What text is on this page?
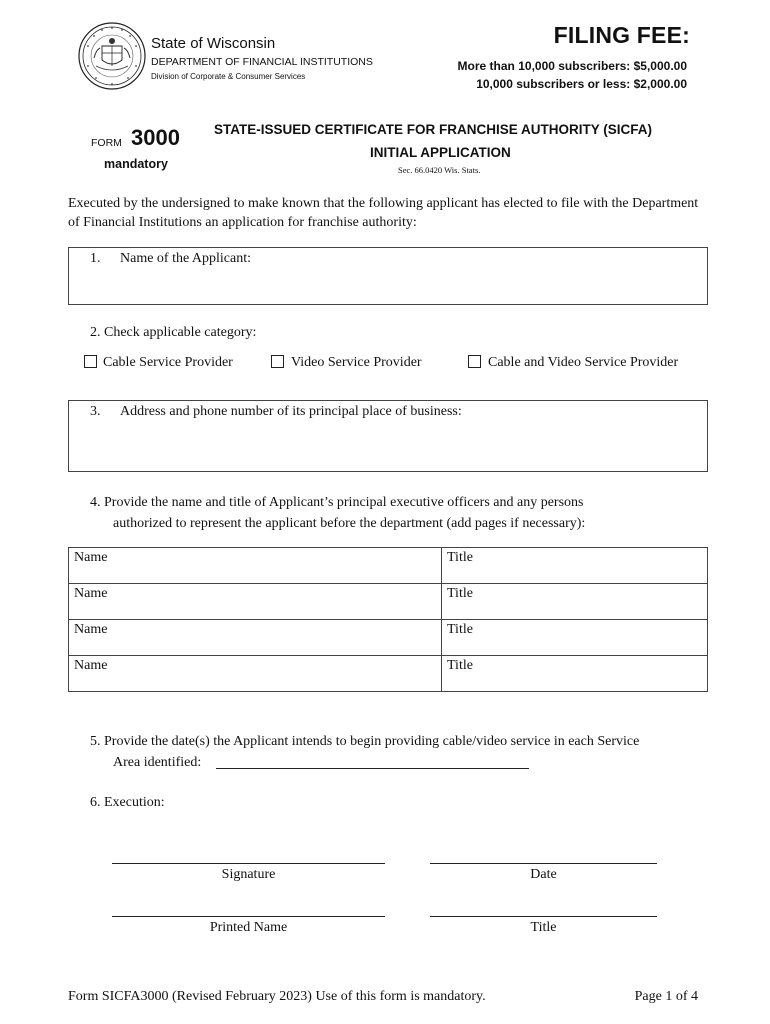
State of Wisconsin
DEPARTMENT OF FINANCIAL INSTITUTIONS
Division of Corporate & Consumer Services
FILING FEE:
More than 10,000 subscribers: $5,000.00
10,000 subscribers or less: $2,000.00
FORM 3000
mandatory
STATE-ISSUED CERTIFICATE FOR FRANCHISE AUTHORITY (SICFA)
INITIAL APPLICATION
Sec. 66.0420 Wis. Stats.
Executed by the undersigned to make known that the following applicant has elected to file with the Department of Financial Institutions an application for franchise authority:
1. Name of the Applicant:
2. Check applicable category:
Cable Service Provider	Video Service Provider	Cable and Video Service Provider
3. Address and phone number of its principal place of business:
4. Provide the name and title of Applicant’s principal executive officers and any persons
authorized to represent the applicant before the department (add pages if necessary):
Name	Title
Name	Title
Name	Title
Name	Title
5. Provide the date(s) the Applicant intends to begin providing cable/video service in each Service
Area identified:
6. Execution:
Signature	Date
Printed Name	Title
Form SICFA3000 (Revised February 2023) Use of this form is mandatory.	Page 1 of 4
